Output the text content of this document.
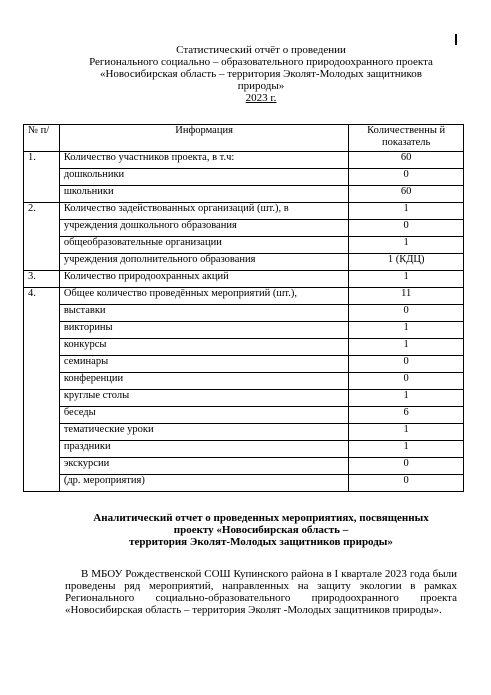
Статистический отчёт о проведении
Регионального социально – образовательного природоохранного проекта
«Новосибирская область – территория Эколят-Молодых защитников
природы»
2023 г.
№ п/	Информация	Количественны й показатель
1.	Количество участников проекта, в т.ч:	60
	дошкольники	0
	школьники	60
2.	Количество задействованных организаций (шт.), в	1
	учреждения дошкольного образования	0
	общеобразовательные организации	1
	учреждения дополнительного образования	1 (КДЦ)
3.	Количество природоохранных акций	1
4.	Общее количество проведённых мероприятий (шт.),	11
	выставки	0
	викторины	1
	конкурсы	1
	семинары	0
	конференции	0
	круглые столы	1
	беседы	6
	тематические уроки	1
	праздники	1
	экскурсии	0
	(др. мероприятия)	0
Аналитический отчет о проведенных мероприятиях, посвященных
проекту «Новосибирская область –
территория Эколят-Молодых защитников природы»
В МБОУ Рождественской СОШ Купинского района в I квартале 2023 года были проведены ряд мероприятий, направленных на защиту экологии в рамках Регионального социально-образовательного природоохранного проекта «Новосибирская область – территория Эколят -Молодых защитников природы».
